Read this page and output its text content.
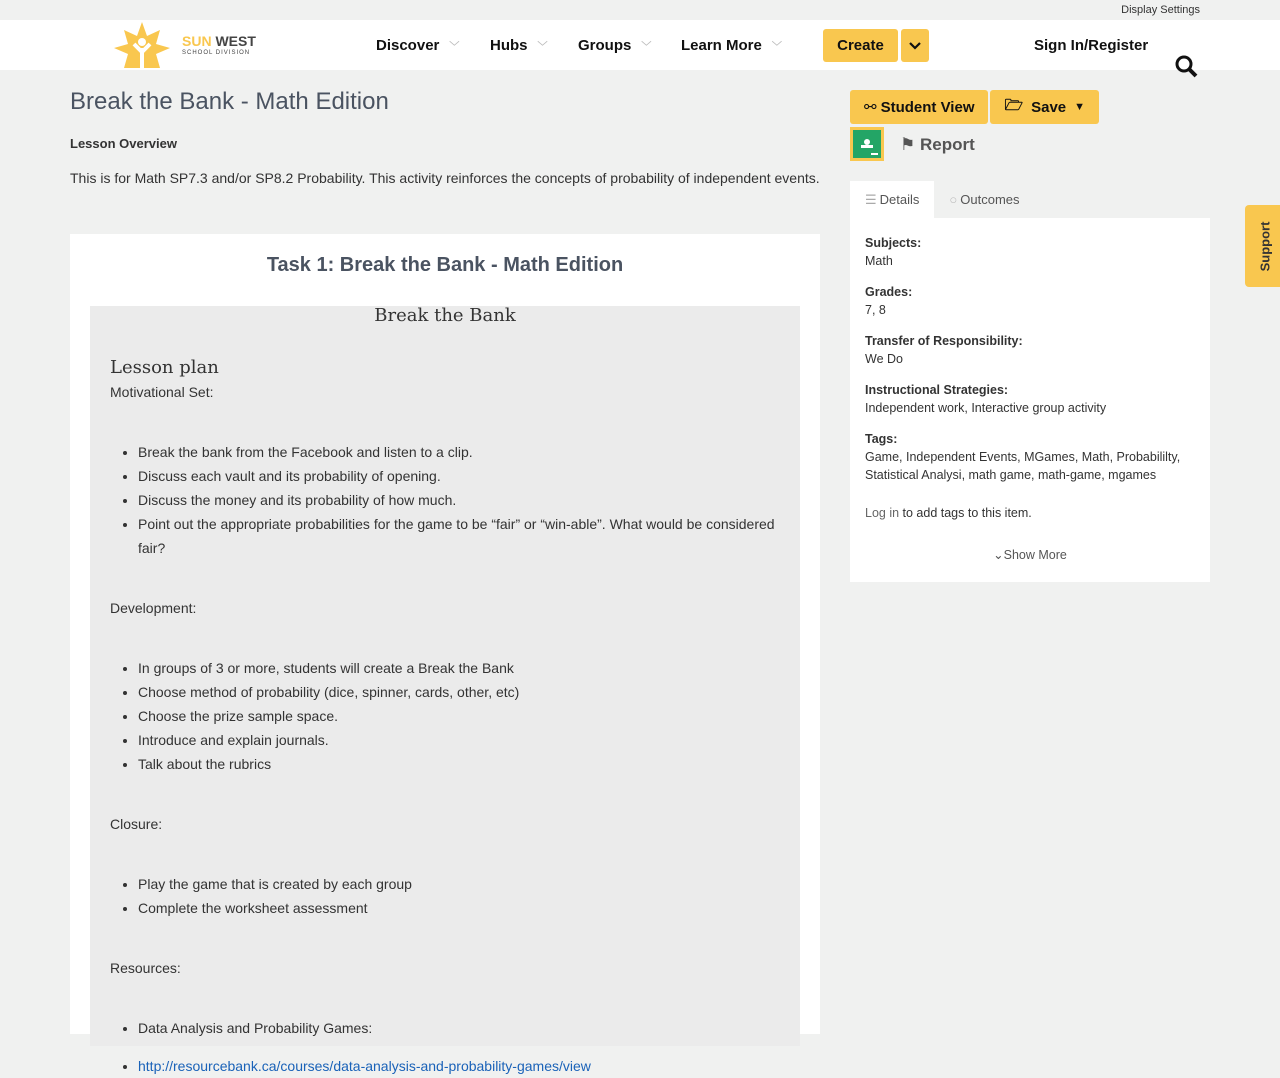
Display Settings
SUN WEST
SCHOOL DIVISION	Discover ﹀ Hubs ﹀ Groups ﹀ Learn More ﹀	Create	Sign In/Register
Break the Bank - Math Edition
Lesson Overview
This is for Math SP7.3 and/or SP8.2 Probability. This activity reinforces the concepts of probability of independent events.
Task 1: Break the Bank - Math Edition
Break the Bank
Lesson plan

Motivational Set:

• Break the bank from the Facebook and listen to a clip.
• Discuss each vault and its probability of opening.
• Discuss the money and its probability of how much.
• Point out the appropriate probabilities for the game to be “fair” or “win-able”. What would be considered fair?

Development:

• In groups of 3 or more, students will create a Break the Bank
• Choose method of probability (dice, spinner, cards, other, etc)
• Choose the prize sample space.
• Introduce and explain journals.
• Talk about the rubrics

Closure:

• Play the game that is created by each group
• Complete the worksheet assessment

Resources:

• Data Analysis and Probability Games:
• http://resourcebank.ca/courses/data-analysis-and-probability-games/view
⚯ Student View 🗁 Save ▼
⚑ Report
☰ Details ○ Outcomes
Subjects:
Math
Grades:
7, 8
Transfer of Responsibility:
We Do
Instructional Strategies:
Independent work, Interactive group activity
Tags:
Game, Independent Events, MGames, Math, Probabililty, Statistical Analysi, math game, math-game, mgames
Log in to add tags to this item.
⌄Show More
Support
